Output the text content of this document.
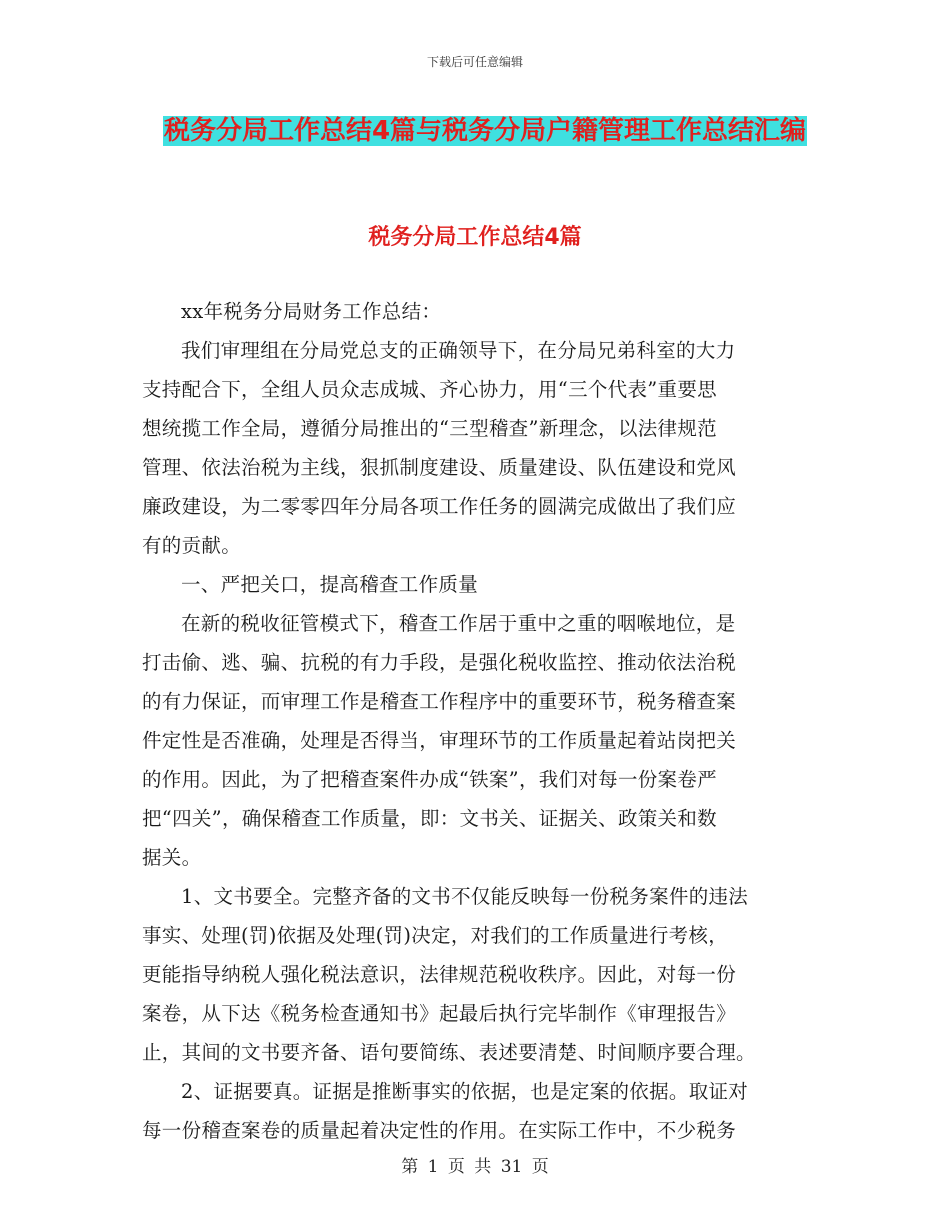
下载后可任意编辑
税务分局工作总结4篇与税务分局户籍管理工作总结汇编
税务分局工作总结4篇

xx年税务分局财务工作总结：

我们审理组在分局党总支的正确领导下，在分局兄弟科室的大力
支持配合下，全组人员众志成城、齐心协力，用“三个代表”重要思
想统揽工作全局，遵循分局推出的“三型稽查”新理念，以法律规范
管理、依法治税为主线，狠抓制度建设、质量建设、队伍建设和党风
廉政建设，为二零零四年分局各项工作任务的圆满完成做出了我们应
有的贡献。

一、严把关口，提高稽查工作质量

在新的税收征管模式下，稽查工作居于重中之重的咽喉地位，是
打击偷、逃、骗、抗税的有力手段，是强化税收监控、推动依法治税
的有力保证，而审理工作是稽查工作程序中的重要环节，税务稽查案
件定性是否准确，处理是否得当，审理环节的工作质量起着站岗把关
的作用。因此，为了把稽查案件办成“铁案”，我们对每一份案卷严
把“四关”，确保稽查工作质量，即：文书关、证据关、政策关和数
据关。

1、文书要全。完整齐备的文书不仅能反映每一份税务案件的违法
事实、处理(罚)依据及处理(罚)决定，对我们的工作质量进行考核，
更能指导纳税人强化税法意识，法律规范税收秩序。因此，对每一份
案卷，从下达《税务检查通知书》起最后执行完毕制作《审理报告》
止，其间的文书要齐备、语句要简练、表述要清楚、时间顺序要合理。

2、证据要真。证据是推断事实的依据，也是定案的依据。取证对
每一份稽查案卷的质量起着决定性的作用。在实际工作中，不少税务

第 1 页 共 31 页
